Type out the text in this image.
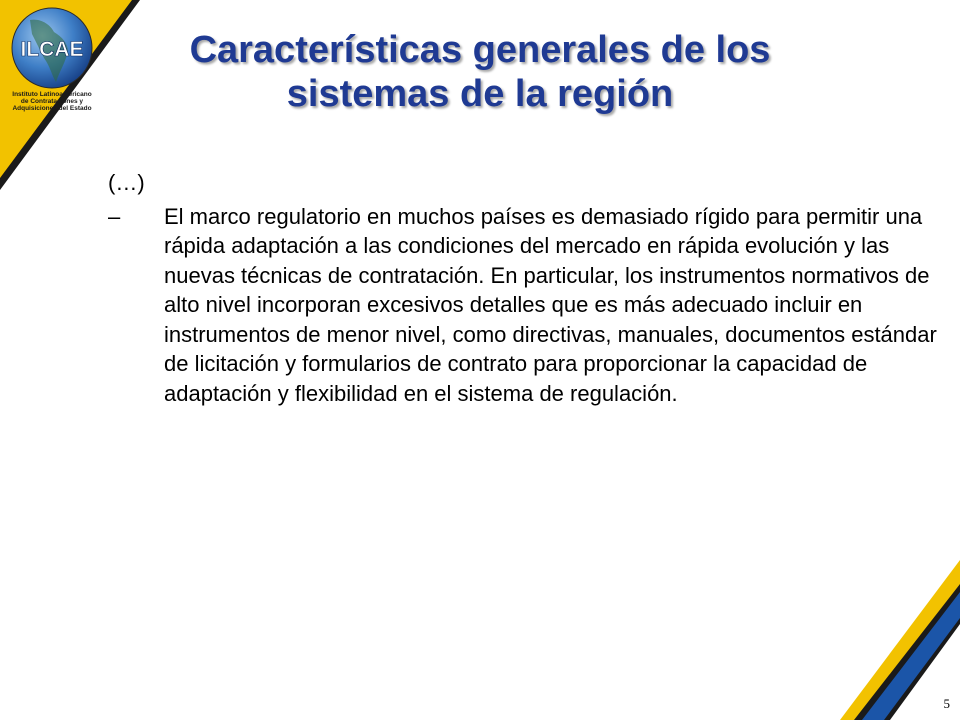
ILCAE
Instituto Latinoamericano
de Contrataciones y
Adquisiciones del Estado
Características generales de los
sistemas de la región
(…)
–	El marco regulatorio en muchos países es demasiado rígido para permitir una rápida adaptación a las condiciones del mercado en rápida evolución y las nuevas técnicas de contratación. En particular, los instrumentos normativos de alto nivel incorporan excesivos detalles que es más adecuado incluir en instrumentos de menor nivel, como directivas, manuales, documentos estándar de licitación y formularios de contrato para proporcionar la capacidad de adaptación y flexibilidad en el sistema de regulación.
5
